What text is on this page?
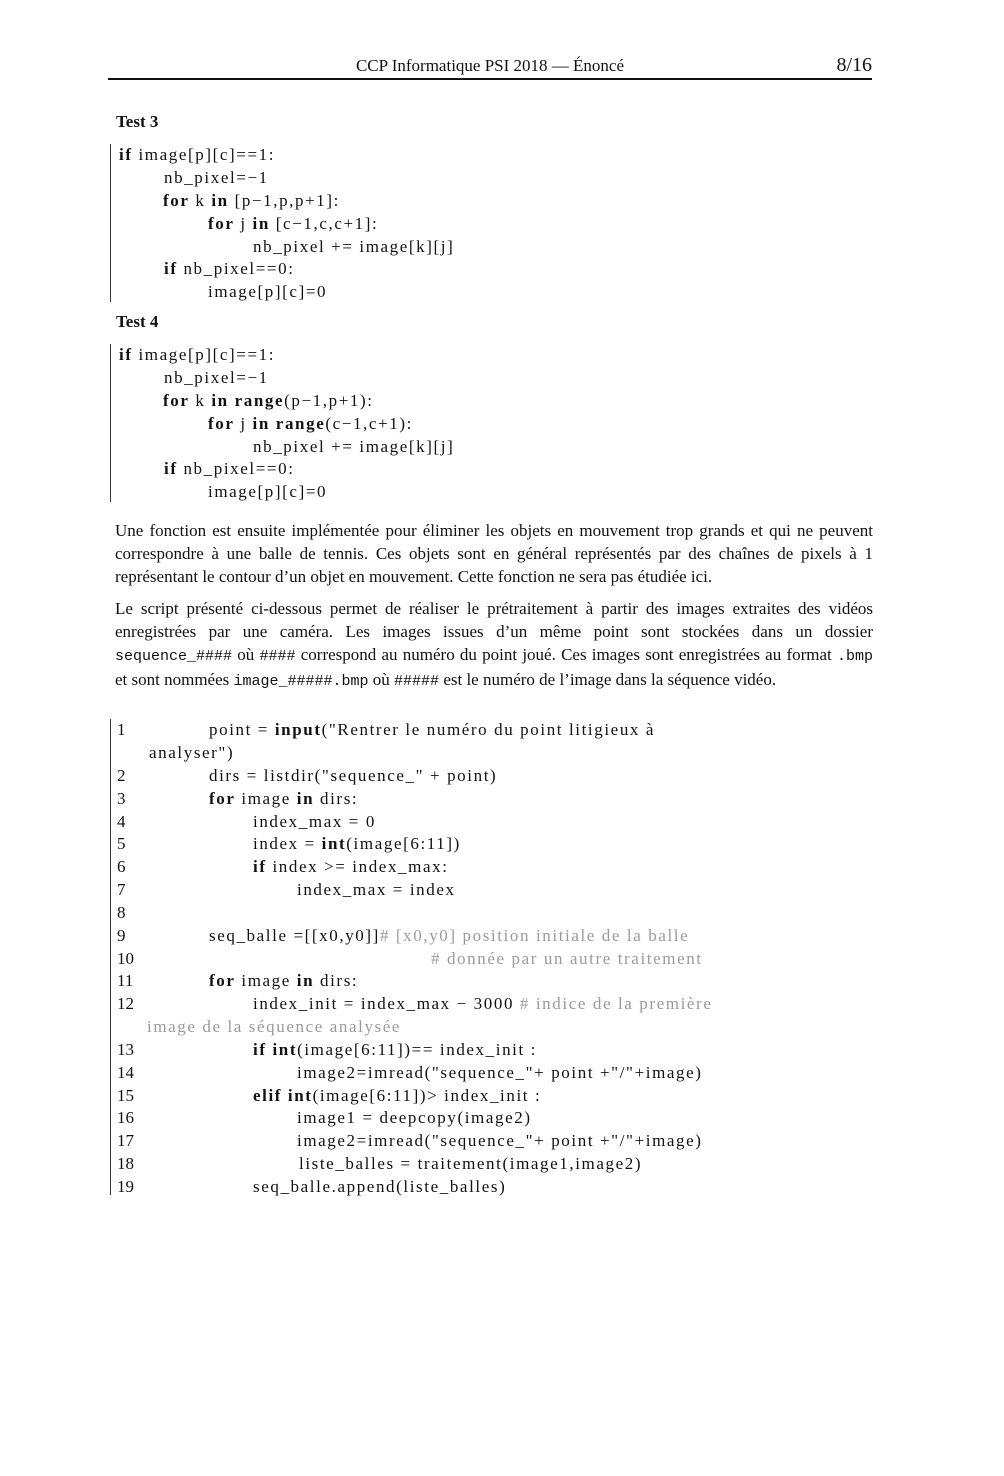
CCP Informatique PSI 2018 — Énoncé	8/16
Test 3
if image[p][c]==1:
nb_pixel=−1
for k in [p−1,p,p+1]:
for j in [c−1,c,c+1]:
nb_pixel += image[k][j]
if nb_pixel==0:
image[p][c]=0
Test 4
if image[p][c]==1:
nb_pixel=−1
for k in range(p−1,p+1):
for j in range(c−1,c+1):
nb_pixel += image[k][j]
if nb_pixel==0:
image[p][c]=0
Une fonction est ensuite implémentée pour éliminer les objets en mouvement trop grands et qui ne peuvent correspondre à une balle de tennis. Ces objets sont en général représentés par des chaînes de pixels à 1 représentant le contour d’un objet en mouvement. Cette fonction ne sera pas étudiée ici.
Le script présenté ci-dessous permet de réaliser le prétraitement à partir des images extraites des vidéos enregistrées par une caméra. Les images issues d’un même point sont stockées dans un dossier sequence_#### où #### correspond au numéro du point joué. Ces images sont enregistrées au format .bmp et sont nommées image_#####.bmp où ##### est le numéro de l’image dans la séquence vidéo.
1
2
3
4
5
6
7
8
9
10
11
12
13
14
15
16
17
18
19
point = input("Rentrer le numéro du point litigieux à
analyser")
dirs = listdir("sequence_" + point)
for image in dirs:
index_max = 0
index = int(image[6:11])
if index >= index_max:
index_max = index
seq_balle =[[x0,y0]]# [x0,y0] position initiale de la balle
# donnée par un autre traitement
for image in dirs:
index_init = index_max − 3000 # indice de la première
image de la séquence analysée
if int(image[6:11])== index_init :
image2=imread("sequence_"+ point +"/"+image)
elif int(image[6:11])> index_init :
image1 = deepcopy(image2)
image2=imread("sequence_"+ point +"/"+image)
liste_balles = traitement(image1,image2)
seq_balle.append(liste_balles)
